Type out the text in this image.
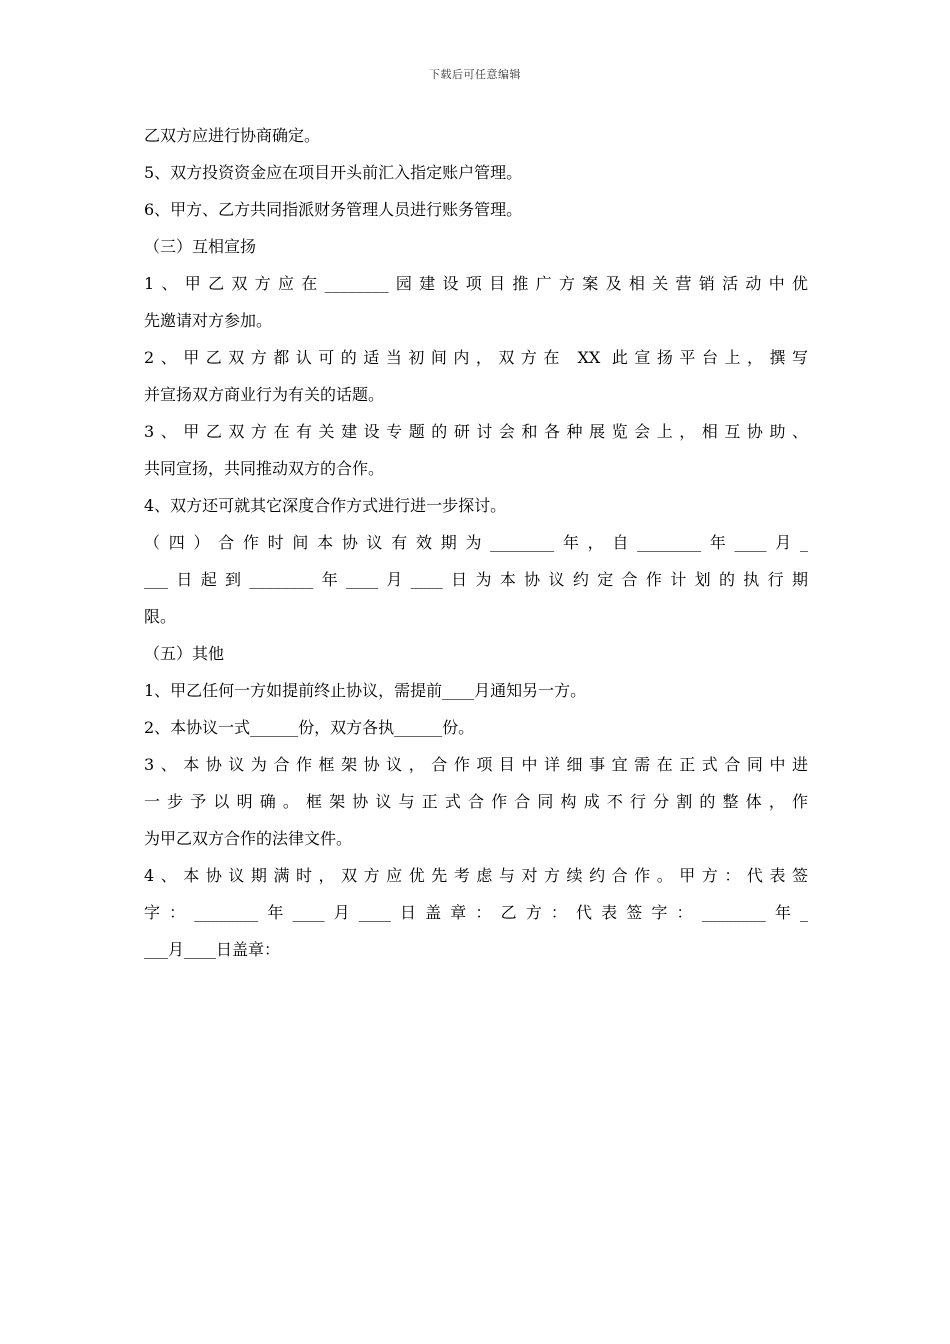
下载后可任意编辑
乙双方应进行协商确定。
5、双方投资资金应在项目开头前汇入指定账户管理。
6、甲方、乙方共同指派财务管理人员进行账务管理。
（三）互相宣扬
1、甲乙双方应在________园建设项目推广方案及相关营销活动中优
先邀请对方参加。
2、甲乙双方都认可的适当初间内，双方在 XX 此宣扬平台上，撰写
并宣扬双方商业行为有关的话题。
3、甲乙双方在有关建设专题的研讨会和各种展览会上，相互协助、
共同宣扬，共同推动双方的合作。
4、双方还可就其它深度合作方式进行进一步探讨。
（四）合作时间本协议有效期为________年，自________年____月_
___日起到________年____月____日为本协议约定合作计划的执行期
限。
（五）其他
1、甲乙任何一方如提前终止协议，需提前____月通知另一方。
2、本协议一式______份，双方各执______份。
3、本协议为合作框架协议，合作项目中详细事宜需在正式合同中进
一步予以明确。框架协议与正式合作合同构成不行分割的整体，作
为甲乙双方合作的法律文件。
4、本协议期满时，双方应优先考虑与对方续约合作。甲方：代表签
字：________年____月____日盖章：乙方：代表签字：________年_
___月____日盖章：
